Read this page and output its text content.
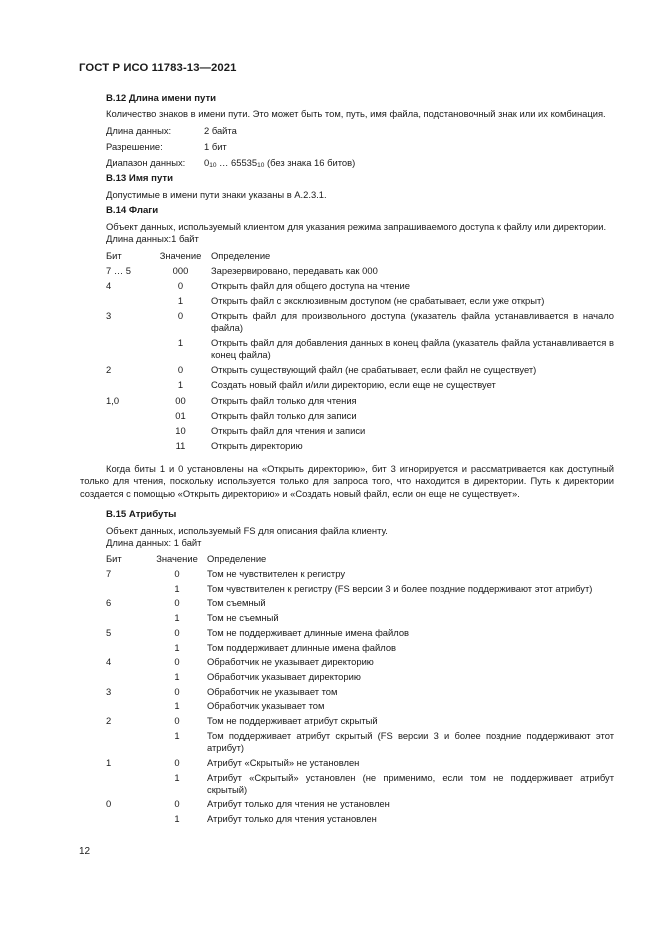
ГОСТ Р ИСО 11783-13—2021
B.12 Длина имени пути

Количество знаков в имени пути. Это может быть том, путь, имя файла, подстановочный знак или их комбинация.

Длина данных:	2 байта
Разрешение:	1 бит
Диапазон данных:	$0_{10}$ … $65535_{10}$ (без знака 16 битов)
B.13 Имя пути

Допустимые в имени пути знаки указаны в А.2.3.1.

B.14 Флаги

Объект данных, используемый клиентом для указания режима запрашиваемого доступа к файлу или директории.

Длина данных:1 байт

Бит	Значение	Определение
7 … 5	000	Зарезервировано, передавать как 000
4	0	Открыть файл для общего доступа на чтение
	1	Открыть файл с эксклюзивным доступом (не срабатывает, если уже открыт)
3	0	Открыть файл для произвольного доступа (указатель файла устанавливается в начало файла)
	1	Открыть файл для добавления данных в конец файла (указатель файла устанавливается в конец файла)
2	0	Открыть существующий файл (не срабатывает, если файл не существует)
	1	Создать новый файл и/или директорию, если еще не существует
1,0	00	Открыть файл только для чтения
	01	Открыть файл только для записи
	10	Открыть файл для чтения и записи
	11	Открыть директорию

Когда биты 1 и 0 установлены на «Открыть директорию», бит 3 игнорируется и рассматривается как доступный только для чтения, поскольку используется только для запроса того, что находится в директории. Путь к директории создается с помощью «Открыть директорию» и «Создать новый файл, если он еще не существует».

B.15 Атрибуты

Объект данных, используемый FS для описания файла клиенту.

Длина данных: 1 байт

Бит	Значение	Определение
7	0	Том не чувствителен к регистру
	1	Том чувствителен к регистру (FS версии 3 и более поздние поддерживают этот атрибут)
6	0	Том съемный
	1	Том не съемный
5	0	Том не поддерживает длинные имена файлов
	1	Том поддерживает длинные имена файлов
4	0	Обработчик не указывает директорию
	1	Обработчик указывает директорию
3	0	Обработчик не указывает том
	1	Обработчик указывает том
2	0	Том не поддерживает атрибут скрытый
	1	Том поддерживает атрибут скрытый (FS версии 3 и более поздние поддерживают этот атрибут)
1	0	Атрибут «Скрытый» не установлен
	1	Атрибут «Скрытый» установлен (не применимо, если том не поддерживает атрибут скрытый)
0	0	Атрибут только для чтения не установлен
	1	Атрибут только для чтения установлен
12
